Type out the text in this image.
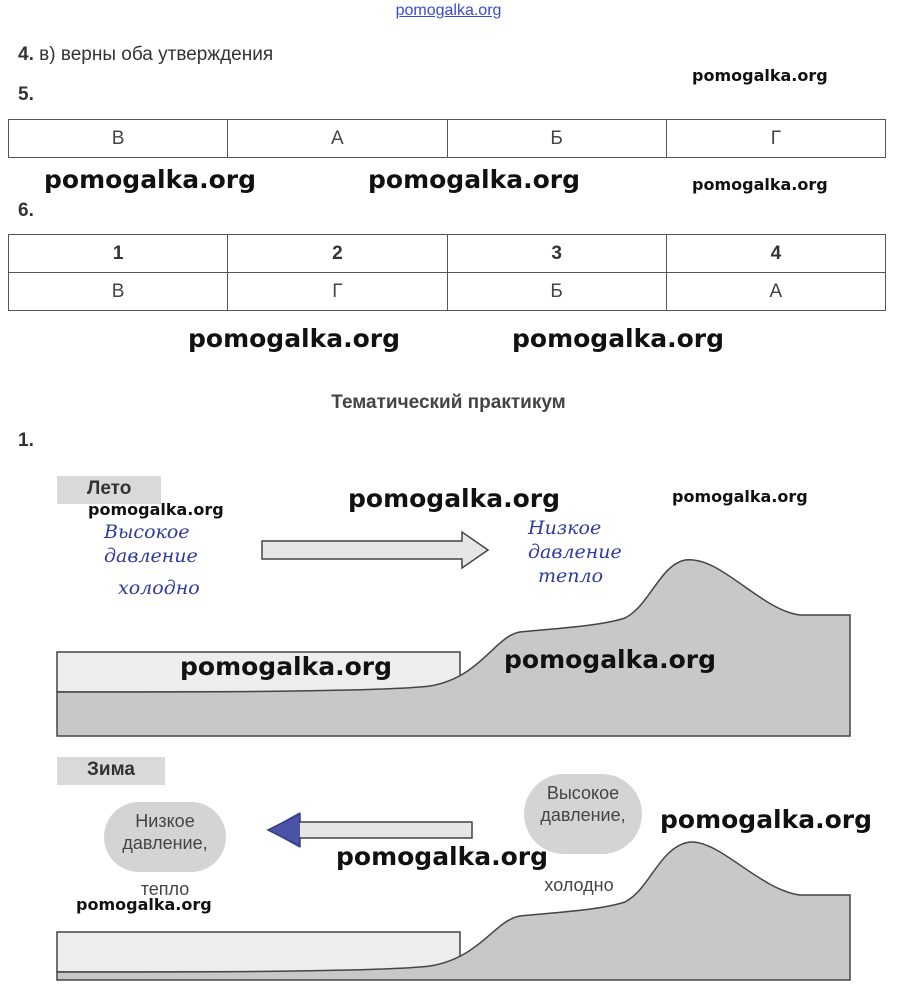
pomogalka.org
4. в) верны оба утверждения
pomogalka.org
5.
В	А	Б	Г
pomogalka.org	pomogalka.org	pomogalka.org
6.
1	2	3	4
В	Г	Б	А
pomogalka.org	pomogalka.org
Тематический практикум
1.
Лето
pomogalka.org	pomogalka.org	pomogalka.org
Высокое
давление
холодно
Низкое
давление
тепло
pomogalka.org	pomogalka.org
Зима
Низкое
давление,
тепло
Высокое
давление,
холодно
pomogalka.org
pomogalka.org
pomogalka.org
